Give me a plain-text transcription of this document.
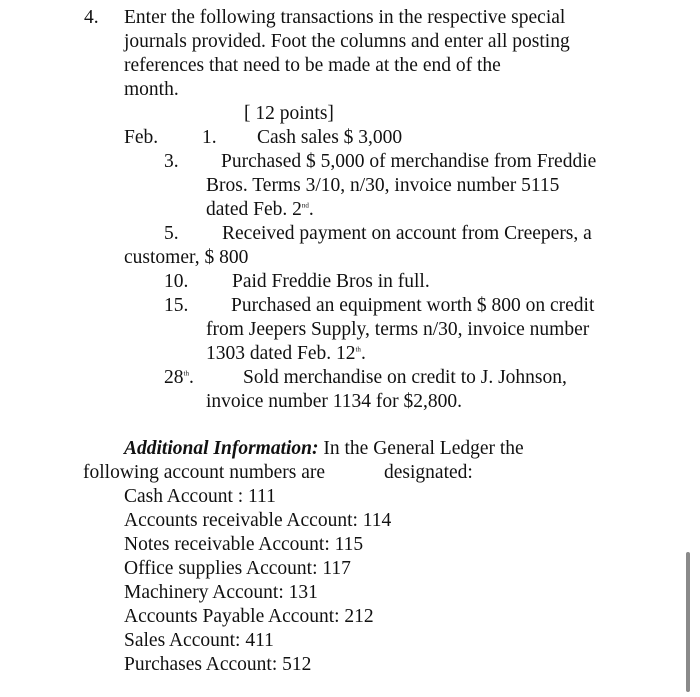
4. Enter the following transactions in the respective special
journals provided. Foot the columns and enter all posting
references that need to be made at the end of the
month.
[ 12 points]
Feb. 1. Cash sales $ 3,000
3. Purchased $ 5,000 of merchandise from Freddie
Bros. Terms 3/10, n/30, invoice number 5115
dated Feb. 2nd.
5. Received payment on account from Creepers, a
customer, $ 800
10. Paid Freddie Bros in full.
15. Purchased an equipment worth $ 800 on credit
from Jeepers Supply, terms n/30, invoice number
1303 dated Feb. 12th.
28th.	Sold merchandise on credit to J. Johnson,
invoice number 1134 for $2,800.
Additional Information: In the General Ledger the
following account numbers are	designated:
Cash Account : 111
Accounts receivable Account: 114
Notes receivable Account: 115
Office supplies Account: 117
Machinery Account: 131
Accounts Payable Account: 212
Sales Account: 411
Purchases Account: 512
